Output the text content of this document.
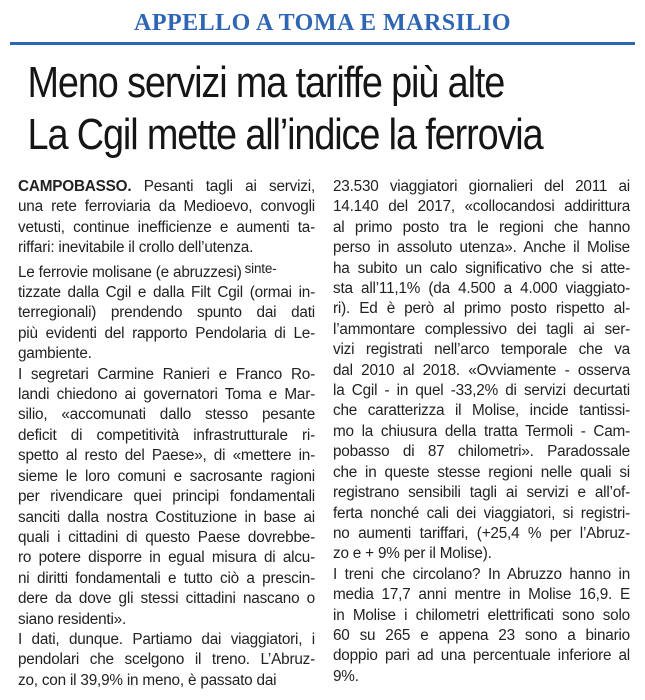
APPELLO A TOMA E MARSILIO
Meno servizi ma tariffe più alte
La Cgil mette all’indice la ferrovia
CAMPOBASSO. Pesanti tagli ai servizi,
una rete ferroviaria da Medioevo, convogli
vetusti, continue inefficienze e aumenti ta-
riffari: inevitabile il crollo dell’utenza.
Le ferrovie molisane (e abruzzesi) sinte-
tizzate dalla Cgil e dalla Filt Cgil (ormai in-
terregionali) prendendo spunto dai dati
più evidenti del rapporto Pendolaria di Le-
gambiente.
I segretari Carmine Ranieri e Franco Ro-
landi chiedono ai governatori Toma e Mar-
silio, «accomunati dallo stesso pesante
deficit di competitività infrastrutturale ri-
spetto al resto del Paese», di «mettere in-
sieme le loro comuni e sacrosante ragioni
per rivendicare quei principi fondamentali
sanciti dalla nostra Costituzione in base ai
quali i cittadini di questo Paese dovrebbe-
ro potere disporre in egual misura di alcu-
ni diritti fondamentali e tutto ciò a prescin-
dere da dove gli stessi cittadini nascano o
siano residenti».
I dati, dunque. Partiamo dai viaggiatori, i
pendolari che scelgono il treno. L’Abruz-
zo, con il 39,9% in meno, è passato dai
23.530 viaggiatori giornalieri del 2011 ai
14.140 del 2017, «collocandosi addirittura
al primo posto tra le regioni che hanno
perso in assoluto utenza». Anche il Molise
ha subito un calo significativo che si atte-
sta all’11,1% (da 4.500 a 4.000 viaggiato-
ri). Ed è però al primo posto rispetto al-
l’ammontare complessivo dei tagli ai ser-
vizi registrati nell’arco temporale che va
dal 2010 al 2018. «Ovviamente - osserva
la Cgil - in quel -33,2% di servizi decurtati
che caratterizza il Molise, incide tantissi-
mo la chiusura della tratta Termoli - Cam-
pobasso di 87 chilometri». Paradossale
che in queste stesse regioni nelle quali si
registrano sensibili tagli ai servizi e all’of-
ferta nonché cali dei viaggiatori, si registri-
no aumenti tariffari, (+25,4 % per l’Abruz-
zo e + 9% per il Molise).
I treni che circolano? In Abruzzo hanno in
media 17,7 anni mentre in Molise 16,9. E
in Molise i chilometri elettrificati sono solo
60 su 265 e appena 23 sono a binario
doppio pari ad una percentuale inferiore al
9%.
